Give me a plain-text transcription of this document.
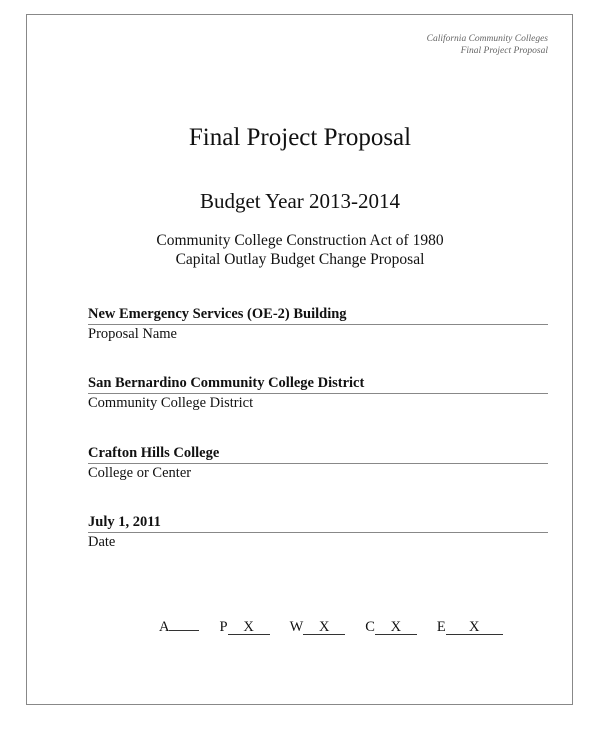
California Community Colleges
Final Project Proposal
Final Project Proposal
Budget Year 2013-2014
Community College Construction Act of 1980
Capital Outlay Budget Change Proposal
New Emergency Services (OE-2) Building
Proposal Name
San Bernardino Community College District
Community College District
Crafton Hills College
College or Center
July 1, 2011
Date
A	P X	W X	C X	E X
